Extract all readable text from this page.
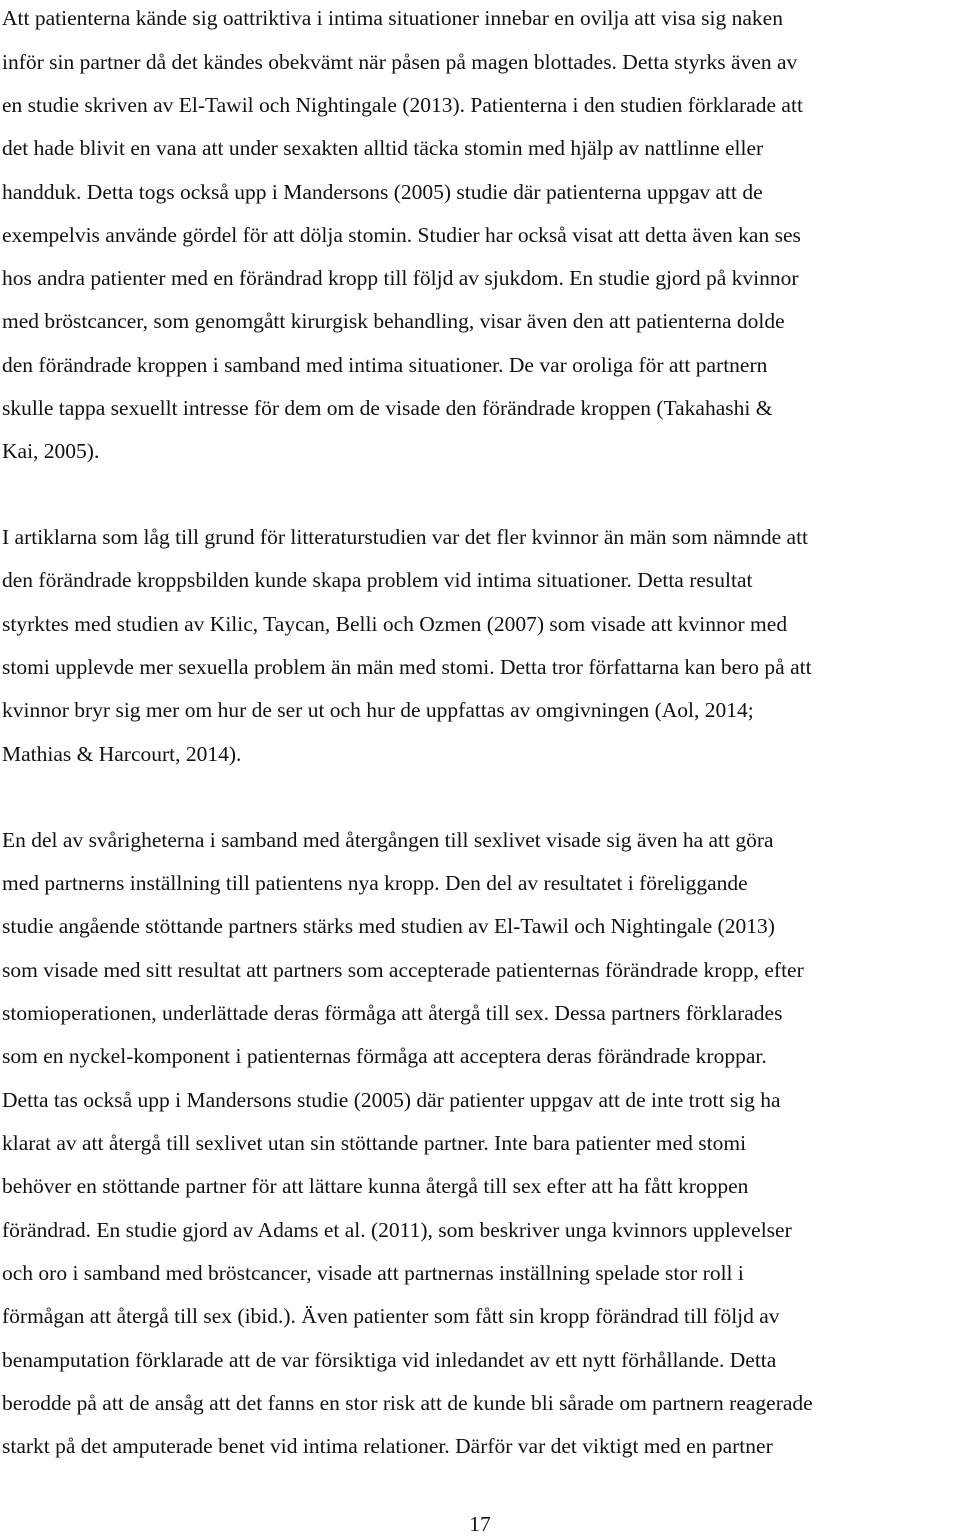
Att patienterna kände sig oattriktiva i intima situationer innebar en ovilja att visa sig naken

inför sin partner då det kändes obekvämt när påsen på magen blottades. Detta styrks även av

en studie skriven av El-Tawil och Nightingale (2013). Patienterna i den studien förklarade att

det hade blivit en vana att under sexakten alltid täcka stomin med hjälp av nattlinne eller

handduk. Detta togs också upp i Mandersons (2005) studie där patienterna uppgav att de

exempelvis använde gördel för att dölja stomin. Studier har också visat att detta även kan ses

hos andra patienter med en förändrad kropp till följd av sjukdom. En studie gjord på kvinnor

med bröstcancer, som genomgått kirurgisk behandling, visar även den att patienterna dolde

den förändrade kroppen i samband med intima situationer. De var oroliga för att partnern

skulle tappa sexuellt intresse för dem om de visade den förändrade kroppen (Takahashi &

Kai, 2005).

I artiklarna som låg till grund för litteraturstudien var det fler kvinnor än män som nämnde att

den förändrade kroppsbilden kunde skapa problem vid intima situationer. Detta resultat

styrktes med studien av Kilic, Taycan, Belli och Ozmen (2007) som visade att kvinnor med

stomi upplevde mer sexuella problem än män med stomi. Detta tror författarna kan bero på att

kvinnor bryr sig mer om hur de ser ut och hur de uppfattas av omgivningen (Aol, 2014;

Mathias & Harcourt, 2014).

En del av svårigheterna i samband med återgången till sexlivet visade sig även ha att göra

med partnerns inställning till patientens nya kropp. Den del av resultatet i föreliggande

studie angående stöttande partners stärks med studien av El-Tawil och Nightingale (2013)

som visade med sitt resultat att partners som accepterade patienternas förändrade kropp, efter

stomioperationen, underlättade deras förmåga att återgå till sex. Dessa partners förklarades

som en nyckel-komponent i patienternas förmåga att acceptera deras förändrade kroppar.

Detta tas också upp i Mandersons studie (2005) där patienter uppgav att de inte trott sig ha

klarat av att återgå till sexlivet utan sin stöttande partner. Inte bara patienter med stomi

behöver en stöttande partner för att lättare kunna återgå till sex efter att ha fått kroppen

förändrad. En studie gjord av Adams et al. (2011), som beskriver unga kvinnors upplevelser

och oro i samband med bröstcancer, visade att partnernas inställning spelade stor roll i

förmågan att återgå till sex (ibid.). Även patienter som fått sin kropp förändrad till följd av

benamputation förklarade att de var försiktiga vid inledandet av ett nytt förhållande. Detta

berodde på att de ansåg att det fanns en stor risk att de kunde bli sårade om partnern reagerade

starkt på det amputerade benet vid intima relationer. Därför var det viktigt med en partner

17
